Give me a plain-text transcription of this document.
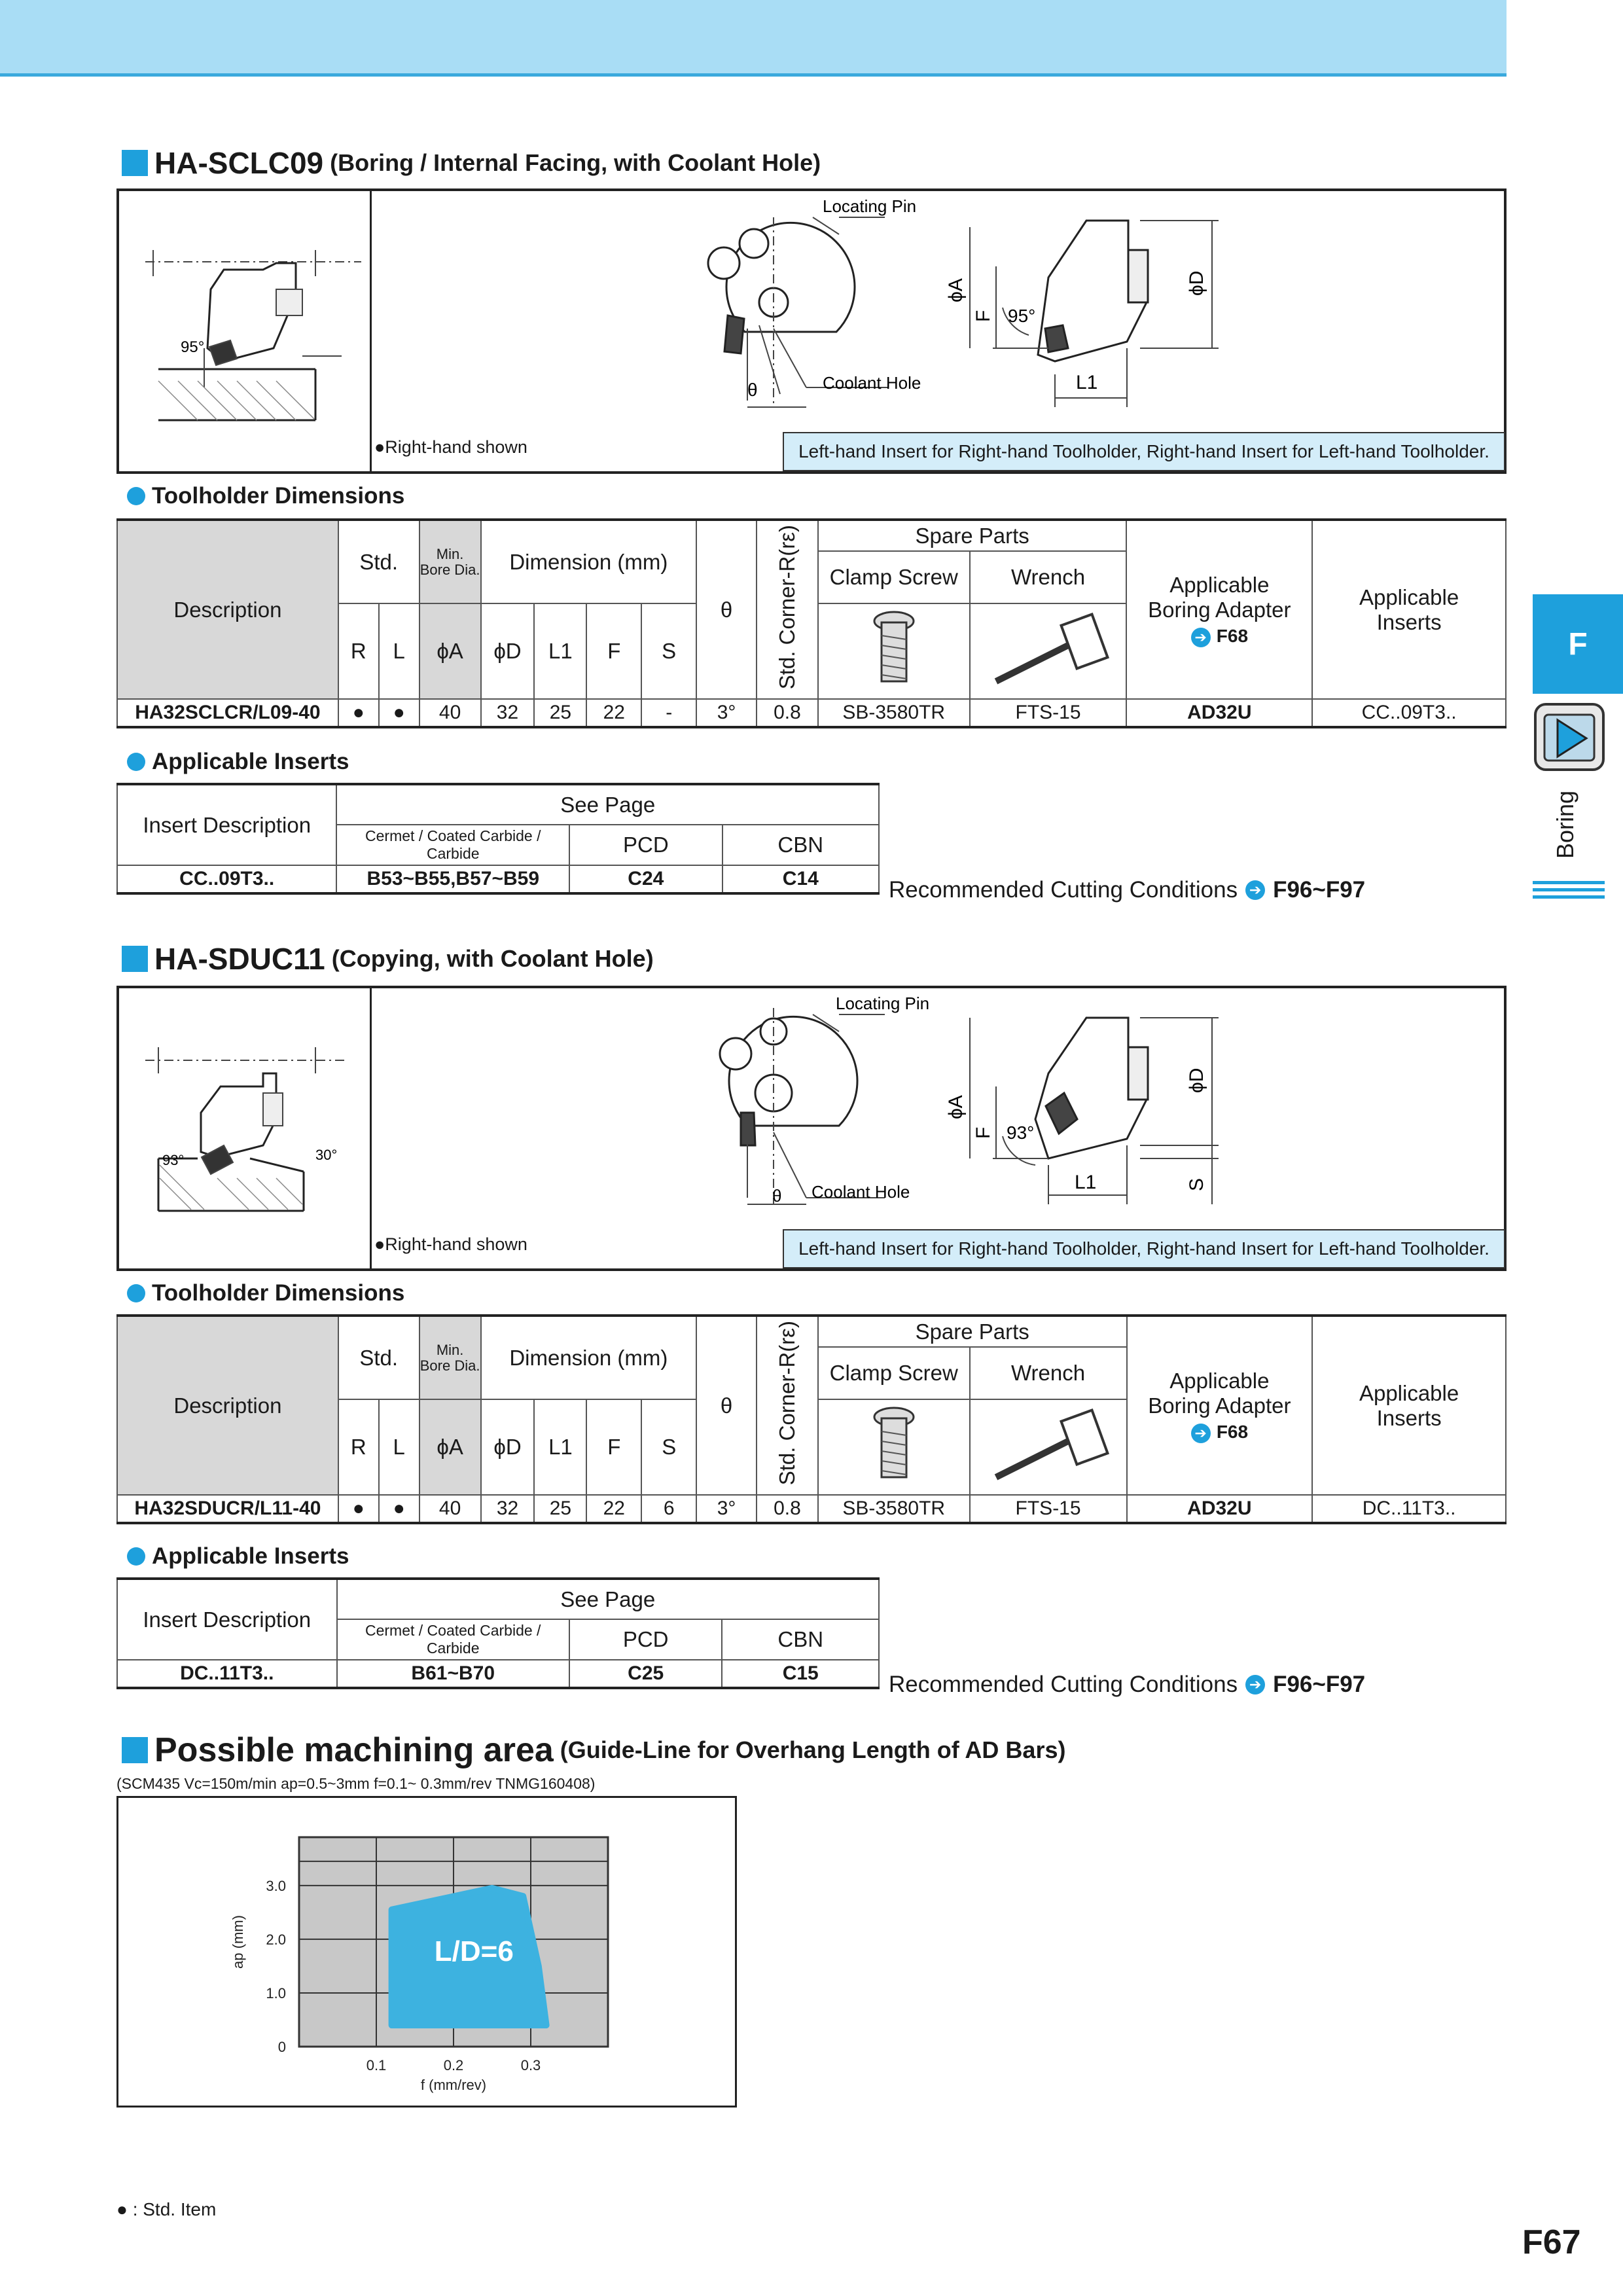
F
Boring
HA-SCLC09 (Boring / Internal Facing, with Coolant Hole)
95°
Locating Pin
Coolant Hole
θ
ϕA
F 95°
ϕD
L1
●Right-hand shown	Left-hand Insert for Right-hand Toolholder, Right-hand Insert for Left-hand Toolholder.
Toolholder Dimensions
Description	Std.		Min.
Bore Dia.	Dimension (mm)				θ	Std. Corner-R(rε)	Spare Parts		Applicable
Boring Adapter
➔ F68	Applicable
Inserts
										Clamp Screw	Wrench		
	R	L	ϕA	ϕD	L1	F	S		
HA32SCLCR/L09-40	●	●	40	32	25	22	-	3°	0.8	SB-3580TR	FTS-15	AD32U	CC..09T3..
Applicable Inserts
Insert Description	See Page		
	Cermet / Coated Carbide / Carbide	PCD	CBN
CC..09T3..	B53~B55,B57~B59	C24	C14	Recommended Cutting Conditions ➔ F96~F97
HA-SDUC11 (Copying, with Coolant Hole)
93°	30°
Locating Pin
Coolant Hole
θ
ϕA
F 93°
ϕD
L1	S
●Right-hand shown	Left-hand Insert for Right-hand Toolholder, Right-hand Insert for Left-hand Toolholder.
Toolholder Dimensions
Description	Std.		Min.
Bore Dia.	Dimension (mm)				θ	Std. Corner-R(rε)	Spare Parts		Applicable
Boring Adapter
➔ F68	Applicable
Inserts
										Clamp Screw	Wrench		
	R	L	ϕA	ϕD	L1	F	S		
HA32SDUCR/L11-40	●	●	40	32	25	22	6	3°	0.8	SB-3580TR	FTS-15	AD32U	DC..11T3..
Applicable Inserts
Insert Description	See Page		
	Cermet / Coated Carbide / Carbide	PCD	CBN
DC..11T3..	B61~B70	C25	C15	Recommended Cutting Conditions ➔ F96~F97
Possible machining area (Guide-Line for Overhang Length of AD Bars)
(SCM435 Vc=150m/min ap=0.5~3mm f=0.1~ 0.3mm/rev TNMG160408)
L/D=6
0.1	0.2	0.3
0
1.0
2.0
3.0
f (mm/rev)
ap (mm)
● : Std. Item
F67
